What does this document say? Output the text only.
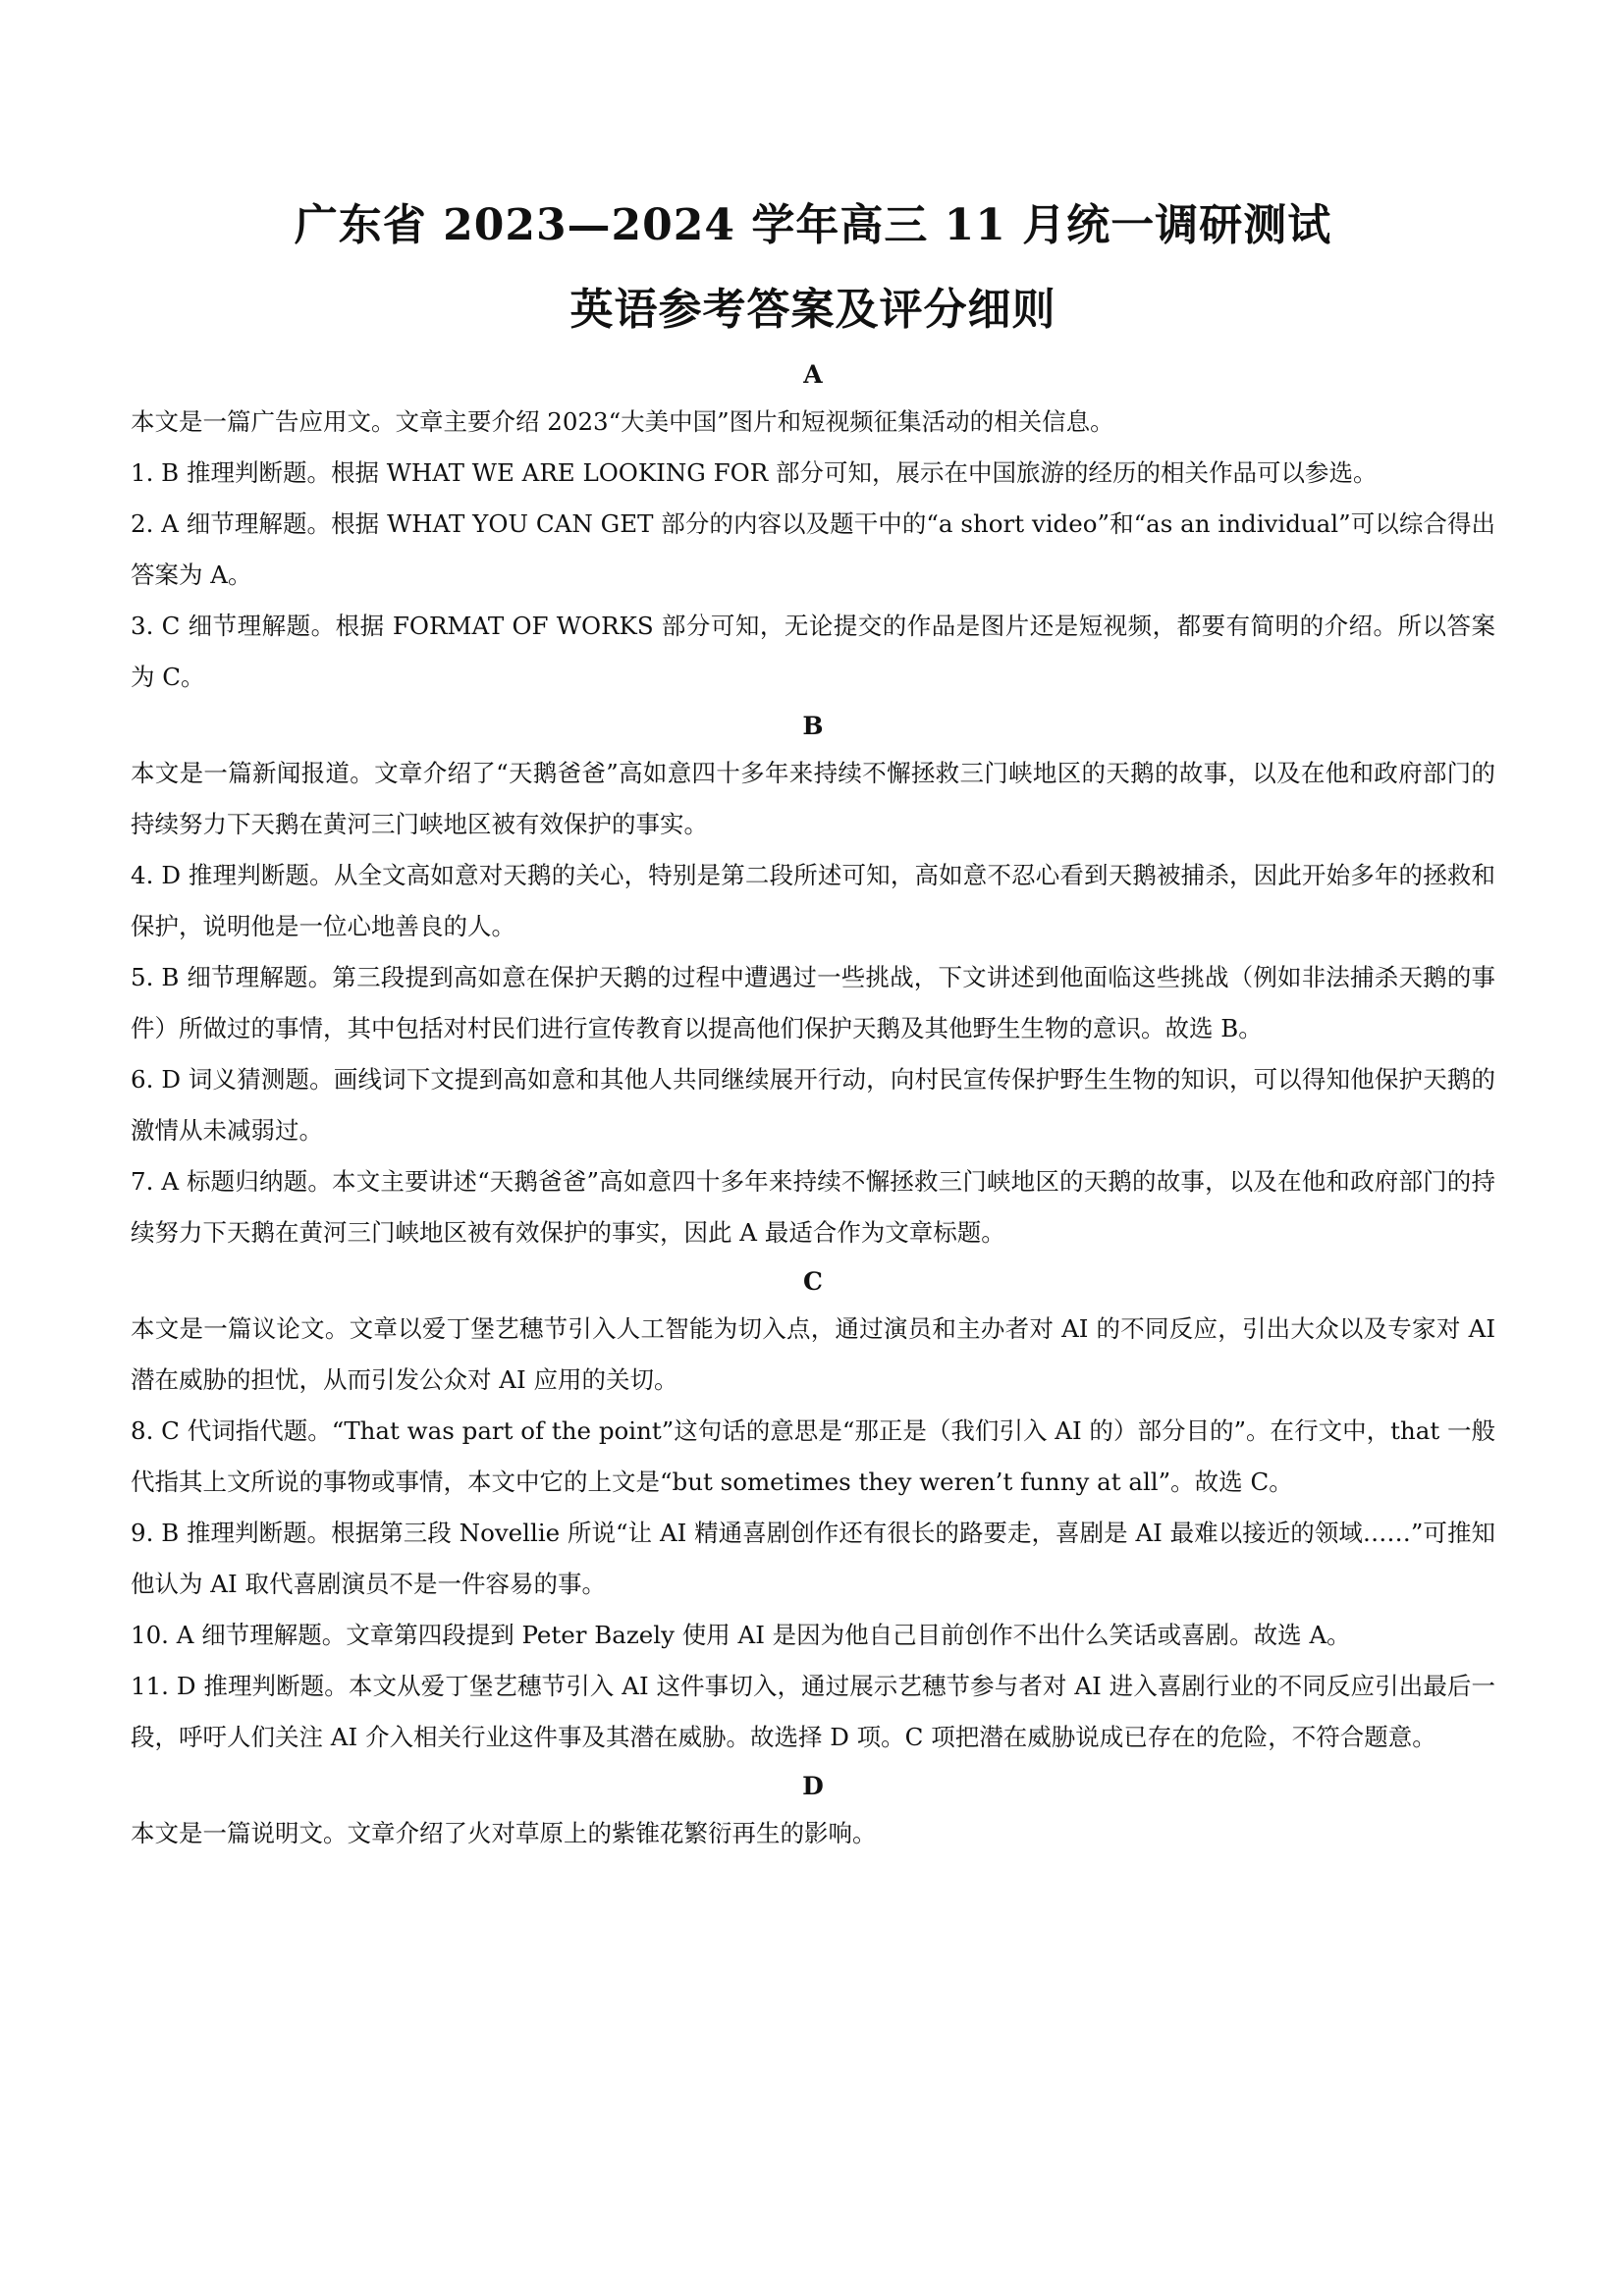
广东省 2023—2024 学年高三 11 月统一调研测试
英语参考答案及评分细则
A

本文是一篇广告应用文。文章主要介绍 2023“大美中国”图片和短视频征集活动的相关信息。

1. B 推理判断题。根据 WHAT WE ARE LOOKING FOR 部分可知，展示在中国旅游的经历的相关作品可以参选。

2. A 细节理解题。根据 WHAT YOU CAN GET 部分的内容以及题干中的“a short video”和“as an individual”可以综合得出答案为 A。

3. C 细节理解题。根据 FORMAT OF WORKS 部分可知，无论提交的作品是图片还是短视频，都要有简明的介绍。所以答案为 C。

B

本文是一篇新闻报道。文章介绍了“天鹅爸爸”高如意四十多年来持续不懈拯救三门峡地区的天鹅的故事，以及在他和政府部门的持续努力下天鹅在黄河三门峡地区被有效保护的事实。

4. D 推理判断题。从全文高如意对天鹅的关心，特别是第二段所述可知，高如意不忍心看到天鹅被捕杀，因此开始多年的拯救和保护，说明他是一位心地善良的人。

5. B 细节理解题。第三段提到高如意在保护天鹅的过程中遭遇过一些挑战，下文讲述到他面临这些挑战（例如非法捕杀天鹅的事件）所做过的事情，其中包括对村民们进行宣传教育以提高他们保护天鹅及其他野生生物的意识。故选 B。

6. D 词义猜测题。画线词下文提到高如意和其他人共同继续展开行动，向村民宣传保护野生生物的知识，可以得知他保护天鹅的激情从未减弱过。

7. A 标题归纳题。本文主要讲述“天鹅爸爸”高如意四十多年来持续不懈拯救三门峡地区的天鹅的故事，以及在他和政府部门的持续努力下天鹅在黄河三门峡地区被有效保护的事实，因此 A 最适合作为文章标题。

C

本文是一篇议论文。文章以爱丁堡艺穗节引入人工智能为切入点，通过演员和主办者对 AI 的不同反应，引出大众以及专家对 AI 潜在威胁的担忧，从而引发公众对 AI 应用的关切。

8. C 代词指代题。“That was part of the point”这句话的意思是“那正是（我们引入 AI 的）部分目的”。在行文中，that 一般代指其上文所说的事物或事情，本文中它的上文是“but sometimes they weren’t funny at all”。故选 C。

9. B 推理判断题。根据第三段 Novellie 所说“让 AI 精通喜剧创作还有很长的路要走，喜剧是 AI 最难以接近的领域……”可推知他认为 AI 取代喜剧演员不是一件容易的事。

10. A 细节理解题。文章第四段提到 Peter Bazely 使用 AI 是因为他自己目前创作不出什么笑话或喜剧。故选 A。

11. D 推理判断题。本文从爱丁堡艺穗节引入 AI 这件事切入，通过展示艺穗节参与者对 AI 进入喜剧行业的不同反应引出最后一段，呼吁人们关注 AI 介入相关行业这件事及其潜在威胁。故选择 D 项。C 项把潜在威胁说成已存在的危险，不符合题意。

D

本文是一篇说明文。文章介绍了火对草原上的紫锥花繁衍再生的影响。
